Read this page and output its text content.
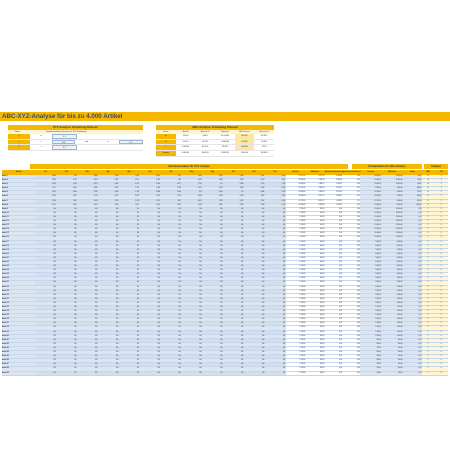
ABC-XYZ-Analyse für bis zu 4.000 Artikel
XYZ-Analyse: Einteilung Klassen
Klasse	Variationskoeffizient (Grenzen für XYZ-Zuordnung)
X	<=	0,1
Y	>	0,05	und	<=	0,1
Z	>	0,1
ABC-Analyse: Einteilung Klassen
Klasse	Anzahl	Anteil in %	Verbrauch	ABC-Grenze	Verbrauch %
A	199,00	4,98%	8.133.804	80,00%	81,89%
B	591,00	14,78%	1.048.456	95,00%	10,56%
C	3.208,00	80,20%	756.131	100,00%	7,61%
Summe	4.000,00	100,00%	9.938.391	100,00%	100,00%
Verbrauchsdaten für XYZ-Analyse	Umsatzdaten für ABC-Analyse	Analyse
Artikel	Jan	Feb	Mar	Apr	Mai	Jun	Jul	Aug	Sep	Okt	Nov	Dez	Summe	Mittelwert	Standard-abweichung
Variations-koeffizient	Umsatz	Mittelwert	Rang	ABC	XYZ
Artikel 1	3.466	363	8.830	1.260	9.432	4.676	614	8.156	6.547	5.985	1.267	5.556	56.152,00	4.679,33	3.086,86	0,66	52.880,00	15.000,00	65,00	A	Z
Artikel 2	2.989	3.787	6.004	2.291	4.610	5.499	236	6.020	8.463	8.112	6.924	7.801	69.436,00	5.786,33	2.444,66	0,42	55.190,00	10.000,00	56,00	A	Z
Artikel 3	8.116	1.129	6.871	5.961	4.255	8.305	6.471	2.730	611	8.640	3.776	7.745	64.610,00	5.384,17	2.492,47	0,46	20.000,00	10.000,00	120,00	A	Z
Artikel 4	5.117	4.038	3.498	6.951	6.725	5.583	7.558	2.014	1.561	3.584	2.890	2.098	51.617,00	4.301,42	2.195,97	0,51	9.580,00	7.400,00	566,00	A	Z
Artikel 5	2.924	3.009	2.765	8.232	2.165	8.386	3.098	351	8.505	797	6.896	1.118	49.248,00	4.104,00	3.155,91	0,77	18.100,00	4.800,00	571,00	B	Z
Artikel 6	3.578	1.815	5.270	4.817	8.124	1.447	7.524	6.663	4.979	6.150	3.005	7.082	59.454,00	5.821,17	2.093,70	0,41	19.650,00	7.000,00	566,00	B	Z
Artikel 7	2.559	1.302	1.108	2.780	1.248	2.791	7.667	8.012	1.987	8.702	7.987	4.730	61.173,00	4.676,17	3.203,18	0,71	29.170,00	9.000,00	547,00	B	Z
Artikel 8	3.210	8.106	4.587	2.460	3.412	4.003	2.870	3.560	6.240	2.480	5.618	4.200	50.746,00	4.228,83	1.730,41	0,41	10.500,00	8.500,00	1.015,00	B	Z
Artikel 9	100	100	100	100	100	100	100	100	100	100	100	100	1.200,00	100,00	0,00	0,00	25.000,00	20.000,00	1,30	C	X
Artikel 10	100	100	100	100	100	100	100	100	100	100	100	100	1.200,00	100,00	0,00	0,00	18.000,00	18.000,00	1,00	C	X
Artikel 11	100	100	100	100	100	100	100	100	100	100	100	100	1.200,00	100,00	0,00	0,00	15.000,00	15.000,00	1,00	C	X
Artikel 12	100	100	100	100	100	100	100	100	100	100	100	100	1.200,00	100,00	0,00	0,00	14.000,00	14.000,00	1,00	C	X
Artikel 13	100	100	100	100	100	100	100	100	100	100	100	100	1.200,00	100,00	0,00	0,00	13.000,00	13.000,00	1,00	C	X
Artikel 14	100	100	100	100	100	100	100	100	100	100	100	100	1.200,00	100,00	0,00	0,00	12.000,00	12.000,00	1,00	C	X
Artikel 15	100	100	100	100	100	100	100	100	100	100	100	100	1.200,00	100,00	0,00	0,00	11.000,00	11.000,00	1,00	C	X
Artikel 16	100	100	100	100	100	100	100	100	100	100	100	100	1.200,00	100,00	0,00	0,00	10.000,00	10.000,00	1,00	C	X
Artikel 17	100	100	100	100	100	100	100	100	100	100	100	100	1.200,00	100,00	0,00	0,00	9.000,00	9.000,00	1,00	C	X
Artikel 18	100	100	100	100	100	100	100	100	100	100	100	100	1.200,00	100,00	0,00	0,00	8.000,00	8.000,00	1,00	C	X
Artikel 19	100	100	100	100	100	100	100	100	100	100	100	100	1.200,00	100,00	0,00	0,00	7.000,00	7.000,00	1,00	C	X
Artikel 20	100	100	100	100	100	100	100	100	100	100	100	100	1.200,00	100,00	0,00	0,00	6.000,00	6.000,00	1,00	C	X
Artikel 21	100	100	100	100	100	100	100	100	100	100	100	100	1.200,00	100,00	0,00	0,00	5.000,00	5.000,00	1,00	C	X
Artikel 22	100	100	100	100	100	100	100	100	100	100	100	100	1.200,00	100,00	0,00	0,00	4.500,00	4.500,00	1,00	C	X
Artikel 23	100	100	100	100	100	100	100	100	100	100	100	100	1.200,00	100,00	0,00	0,00	4.000,00	4.000,00	1,00	C	X
Artikel 24	100	100	100	100	100	100	100	100	100	100	100	100	1.200,00	100,00	0,00	0,00	3.500,00	3.500,00	1,00	C	X
Artikel 25	100	100	100	100	100	100	100	100	100	100	100	100	1.200,00	100,00	0,00	0,00	3.000,00	3.000,00	1,00	C	X
Artikel 26	100	100	100	100	100	100	100	100	100	100	100	100	1.200,00	100,00	0,00	0,00	2.800,00	2.800,00	1,00	C	X
Artikel 27	100	100	100	100	100	100	100	100	100	100	100	100	1.200,00	100,00	0,00	0,00	2.600,00	2.600,00	1,00	C	X
Artikel 28	100	100	100	100	100	100	100	100	100	100	100	100	1.200,00	100,00	0,00	0,00	2.400,00	2.400,00	1,00	C	X
Artikel 29	100	100	100	100	100	100	100	100	100	100	100	100	1.200,00	100,00	0,00	0,00	2.200,00	2.200,00	1,00	C	X
Artikel 30	100	100	100	100	100	100	100	100	100	100	100	100	1.200,00	100,00	0,00	0,00	2.000,00	2.000,00	1,00	C	X
Artikel 31	100	100	100	100	100	100	100	100	100	100	100	100	1.200,00	100,00	0,00	0,00	1.900,00	1.900,00	1,00	C	X
Artikel 32	100	100	100	100	100	100	100	100	100	100	100	100	1.200,00	100,00	0,00	0,00	1.800,00	1.800,00	1,00	C	X
Artikel 33	100	100	100	100	100	100	100	100	100	100	100	100	1.200,00	100,00	0,00	0,00	1.700,00	1.700,00	1,00	C	X
Artikel 34	100	100	100	100	100	100	100	100	100	100	100	100	1.200,00	100,00	0,00	0,00	1.600,00	1.600,00	1,00	C	X
Artikel 35	100	100	100	100	100	100	100	100	100	100	100	100	1.200,00	100,00	0,00	0,00	1.500,00	1.500,00	1,00	C	X
Artikel 36	100	100	100	100	100	100	100	100	100	100	100	100	1.200,00	100,00	0,00	0,00	1.400,00	1.400,00	1,00	C	X
Artikel 37	100	100	100	100	100	100	100	100	100	100	100	100	1.200,00	100,00	0,00	0,00	1.300,00	1.300,00	1,00	C	X
Artikel 38	100	100	100	100	100	100	100	100	100	100	100	100	1.200,00	100,00	0,00	0,00	1.200,00	1.200,00	1,00	C	X
Artikel 39	100	100	100	100	100	100	100	100	100	100	100	100	1.200,00	100,00	0,00	0,00	1.100,00	1.100,00	1,00	C	X
Artikel 40	100	100	100	100	100	100	100	100	100	100	100	100	1.200,00	100,00	0,00	0,00	1.000,00	1.000,00	1,00	C	X
Artikel 41	100	100	100	100	100	100	100	100	100	100	100	100	1.200,00	100,00	0,00	0,00	900,00	900,00	1,00	C	X
Artikel 42	100	100	100	100	100	100	100	100	100	100	100	100	1.200,00	100,00	0,00	0,00	800,00	800,00	1,00	C	X
Artikel 43	100	100	100	100	100	100	100	100	100	100	100	100	1.200,00	100,00	0,00	0,00	700,00	700,00	1,00	C	X
Artikel 44	100	100	100	100	100	100	100	100	100	100	100	100	1.200,00	100,00	0,00	0,00	600,00	600,00	1,00	C	X
Artikel 45	100	100	100	100	100	100	100	100	100	100	100	100	1.200,00	100,00	0,00	0,00	500,00	500,00	1,00	C	X
Artikel 46	100	100	100	100	100	100	100	100	100	100	100	100	1.200,00	100,00	0,00	0,00	400,00	400,00	1,00	C	X
Artikel 47	100	100	100	100	100	100	100	100	100	100	100	100	1.200,00	100,00	0,00	0,00	300,00	300,00	1,00	C	X
Artikel 48	100	100	100	100	100	100	100	100	100	100	100	100	1.200,00	100,00	0,00	0,00	200,00	200,00	1,00	C	X
Artikel 49	100	100	100	100	100	100	100	100	100	100	100	100	1.200,00	100,00	0,00	0,00	100,00	100,00	1,00	C	X
